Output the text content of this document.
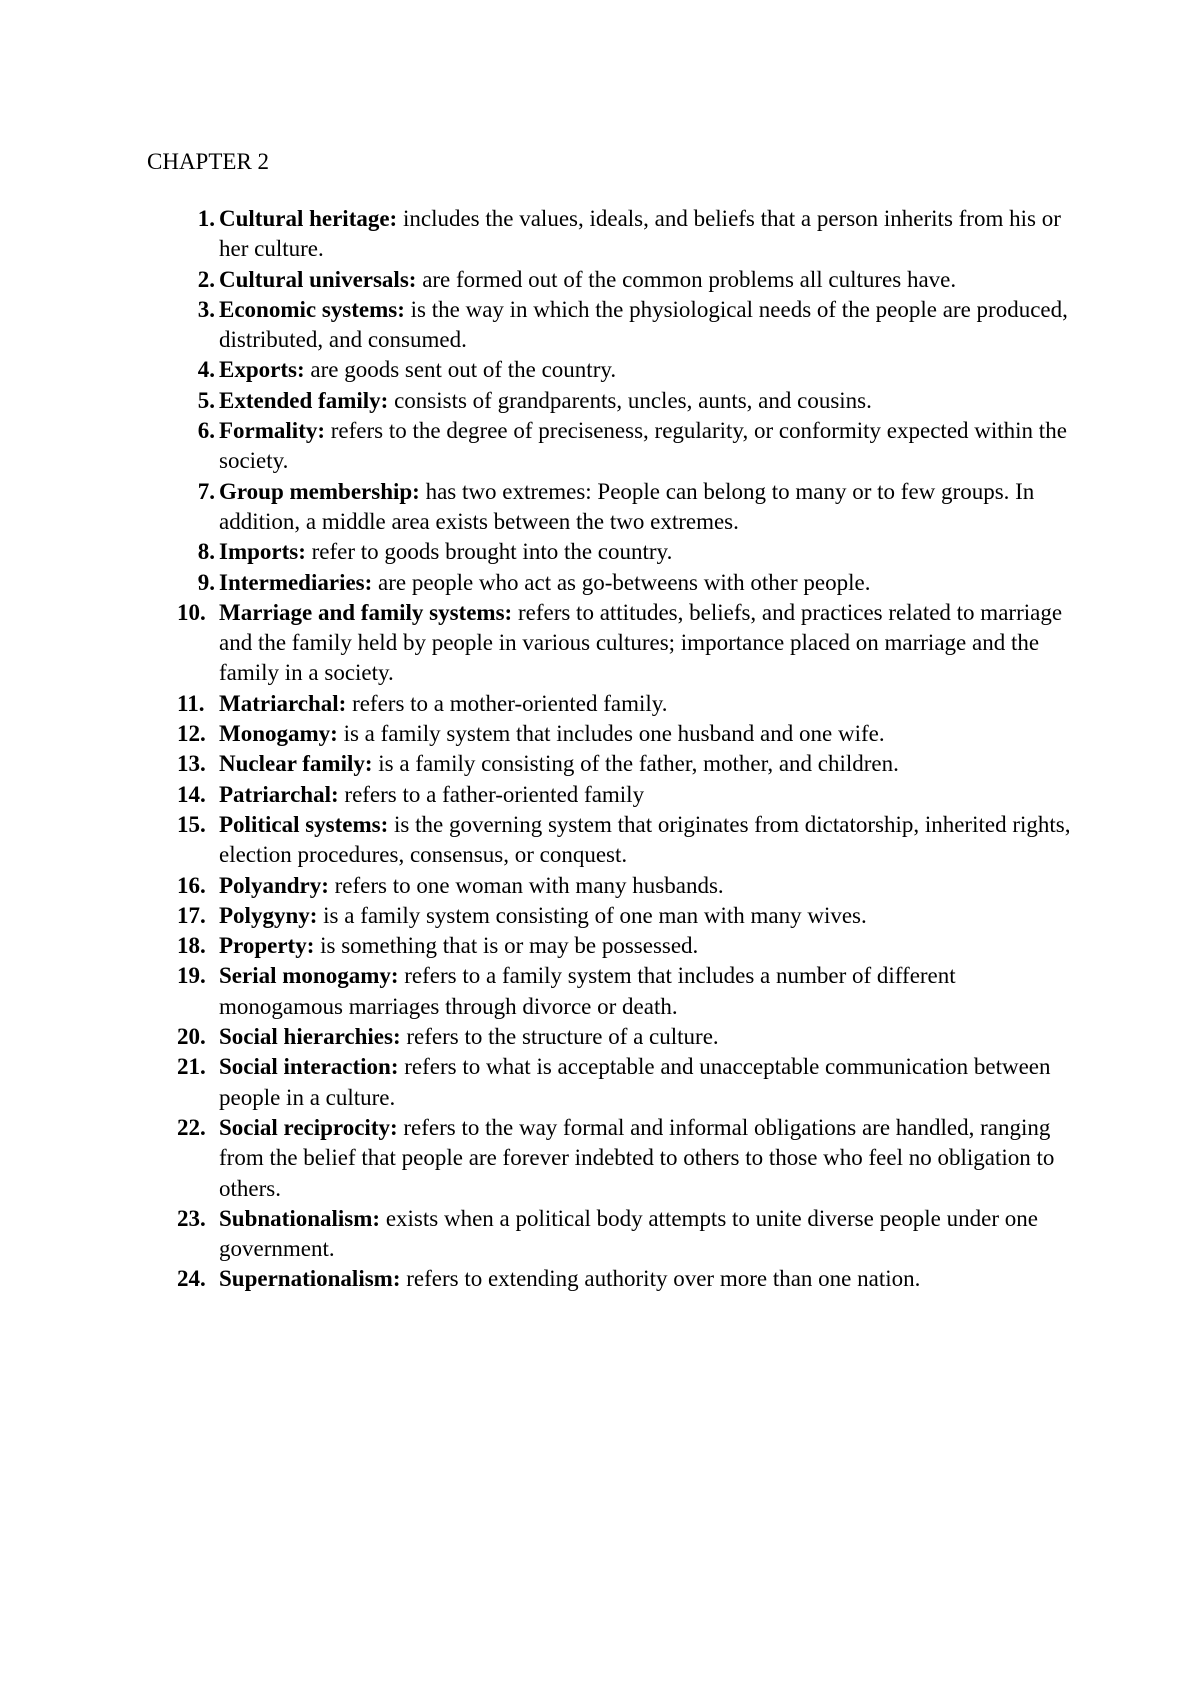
CHAPTER 2
1. Cultural heritage: includes the values, ideals, and beliefs that a person inherits from his or her culture.
2. Cultural universals: are formed out of the common problems all cultures have.
3. Economic systems: is the way in which the physiological needs of the people are produced, distributed, and consumed.
4. Exports: are goods sent out of the country.
5. Extended family: consists of grandparents, uncles, aunts, and cousins.
6. Formality: refers to the degree of preciseness, regularity, or conformity expected within the society.
7. Group membership: has two extremes: People can belong to many or to few groups. In addition, a middle area exists between the two extremes.
8. Imports: refer to goods brought into the country.
9. Intermediaries: are people who act as go-betweens with other people.
10. Marriage and family systems: refers to attitudes, beliefs, and practices related to marriage and the family held by people in various cultures; importance placed on marriage and the family in a society.
11. Matriarchal: refers to a mother-oriented family.
12. Monogamy: is a family system that includes one husband and one wife.
13. Nuclear family: is a family consisting of the father, mother, and children.
14. Patriarchal: refers to a father-oriented family
15. Political systems: is the governing system that originates from dictatorship, inherited rights, election procedures, consensus, or conquest.
16. Polyandry: refers to one woman with many husbands.
17. Polygyny: is a family system consisting of one man with many wives.
18. Property: is something that is or may be possessed.
19. Serial monogamy: refers to a family system that includes a number of different monogamous marriages through divorce or death.
20. Social hierarchies: refers to the structure of a culture.
21. Social interaction: refers to what is acceptable and unacceptable communication between people in a culture.
22. Social reciprocity: refers to the way formal and informal obligations are handled, ranging from the belief that people are forever indebted to others to those who feel no obligation to others.
23. Subnationalism: exists when a political body attempts to unite diverse people under one government.
24. Supernationalism: refers to extending authority over more than one nation.
